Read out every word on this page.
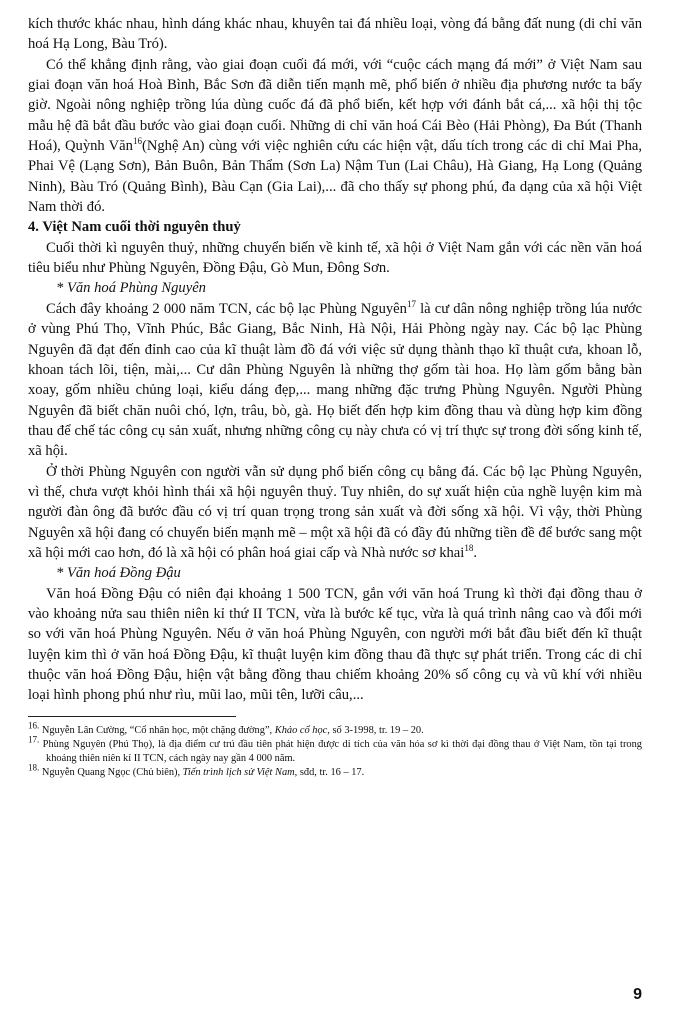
kích thước khác nhau, hình dáng khác nhau, khuyên tai đá nhiều loại, vòng đá bằng đất nung (di chỉ văn hoá Hạ Long, Bàu Tró).

Có thể khẳng định rằng, vào giai đoạn cuối đá mới, với “cuộc cách mạng đá mới” ở Việt Nam sau giai đoạn văn hoá Hoà Bình, Bắc Sơn đã diễn tiến mạnh mẽ, phổ biến ở nhiều địa phương nước ta bấy giờ. Ngoài nông nghiệp trồng lúa dùng cuốc đá đã phổ biến, kết hợp với đánh bắt cá,... xã hội thị tộc mẫu hệ đã bắt đầu bước vào giai đoạn cuối. Những di chỉ văn hoá Cái Bèo (Hải Phòng), Đa Bút (Thanh Hoá), Quỳnh Văn$^{16}$(Nghệ An) cùng với việc nghiên cứu các hiện vật, dấu tích trong các di chỉ Mai Pha, Phai Vệ (Lạng Sơn), Bản Buôn, Bản Thẩm (Sơn La) Nậm Tun (Lai Châu), Hà Giang, Hạ Long (Quảng Ninh), Bàu Tró (Quảng Bình), Bàu Cạn (Gia Lai),... đã cho thấy sự phong phú, đa dạng của xã hội Việt Nam thời đó.

4. Việt Nam cuối thời nguyên thuỷ

Cuối thời kì nguyên thuỷ, những chuyển biến về kinh tế, xã hội ở Việt Nam gắn với các nền văn hoá tiêu biểu như Phùng Nguyên, Đồng Đậu, Gò Mun, Đông Sơn.

* Văn hoá Phùng Nguyên

Cách đây khoảng 2 000 năm TCN, các bộ lạc Phùng Nguyên$^{17}$ là cư dân nông nghiệp trồng lúa nước ở vùng Phú Thọ, Vĩnh Phúc, Bắc Giang, Bắc Ninh, Hà Nội, Hải Phòng ngày nay. Các bộ lạc Phùng Nguyên đã đạt đến đỉnh cao của kĩ thuật làm đồ đá với việc sử dụng thành thạo kĩ thuật cưa, khoan lỗ, khoan tách lõi, tiện, mài,... Cư dân Phùng Nguyên là những thợ gốm tài hoa. Họ làm gốm bằng bàn xoay, gốm nhiều chủng loại, kiểu dáng đẹp,... mang những đặc trưng Phùng Nguyên. Người Phùng Nguyên đã biết chăn nuôi chó, lợn, trâu, bò, gà. Họ biết đến hợp kim đồng thau và dùng hợp kim đồng thau để chế tác công cụ sản xuất, nhưng những công cụ này chưa có vị trí thực sự trong đời sống kinh tế, xã hội.

Ở thời Phùng Nguyên con người vẫn sử dụng phổ biến công cụ bằng đá. Các bộ lạc Phùng Nguyên, vì thế, chưa vượt khỏi hình thái xã hội nguyên thuỷ. Tuy nhiên, do sự xuất hiện của nghề luyện kim mà người đàn ông đã bước đầu có vị trí quan trọng trong sản xuất và đời sống xã hội. Vì vậy, thời Phùng Nguyên xã hội đang có chuyển biến mạnh mẽ – một xã hội đã có đầy đủ những tiền đề để bước sang một xã hội mới cao hơn, đó là xã hội có phân hoá giai cấp và Nhà nước sơ khai$^{18}$.

* Văn hoá Đồng Đậu

Văn hoá Đồng Đậu có niên đại khoảng 1 500 TCN, gắn với văn hoá Trung kì thời đại đồng thau ở vào khoảng nửa sau thiên niên kỉ thứ II TCN, vừa là bước kế tục, vừa là quá trình nâng cao và đổi mới so với văn hoá Phùng Nguyên. Nếu ở văn hoá Phùng Nguyên, con người mới bắt đầu biết đến kĩ thuật luyện kim thì ở văn hoá Đồng Đậu, kĩ thuật luyện kim đồng thau đã thực sự phát triển. Trong các di chỉ thuộc văn hoá Đồng Đậu, hiện vật bằng đồng thau chiếm khoảng 20% số công cụ và vũ khí với nhiều loại hình phong phú như rìu, mũi lao, mũi tên, lưỡi câu,...

$^{16.}$ Nguyễn Lân Cường, “Cổ nhân học, một chặng đường”, Khảo cổ học, số 3-1998, tr. 19 – 20.

$^{17.}$ Phùng Nguyên (Phú Thọ), là địa điểm cư trú đầu tiên phát hiện được di tích của văn hóa sơ kì thời đại đồng thau ở Việt Nam, tồn tại trong khoảng thiên niên kỉ II TCN, cách ngày nay gần 4 000 năm.

$^{18.}$ Nguyễn Quang Ngọc (Chủ biên), Tiến trình lịch sử Việt Nam, sđd, tr. 16 – 17.

9
